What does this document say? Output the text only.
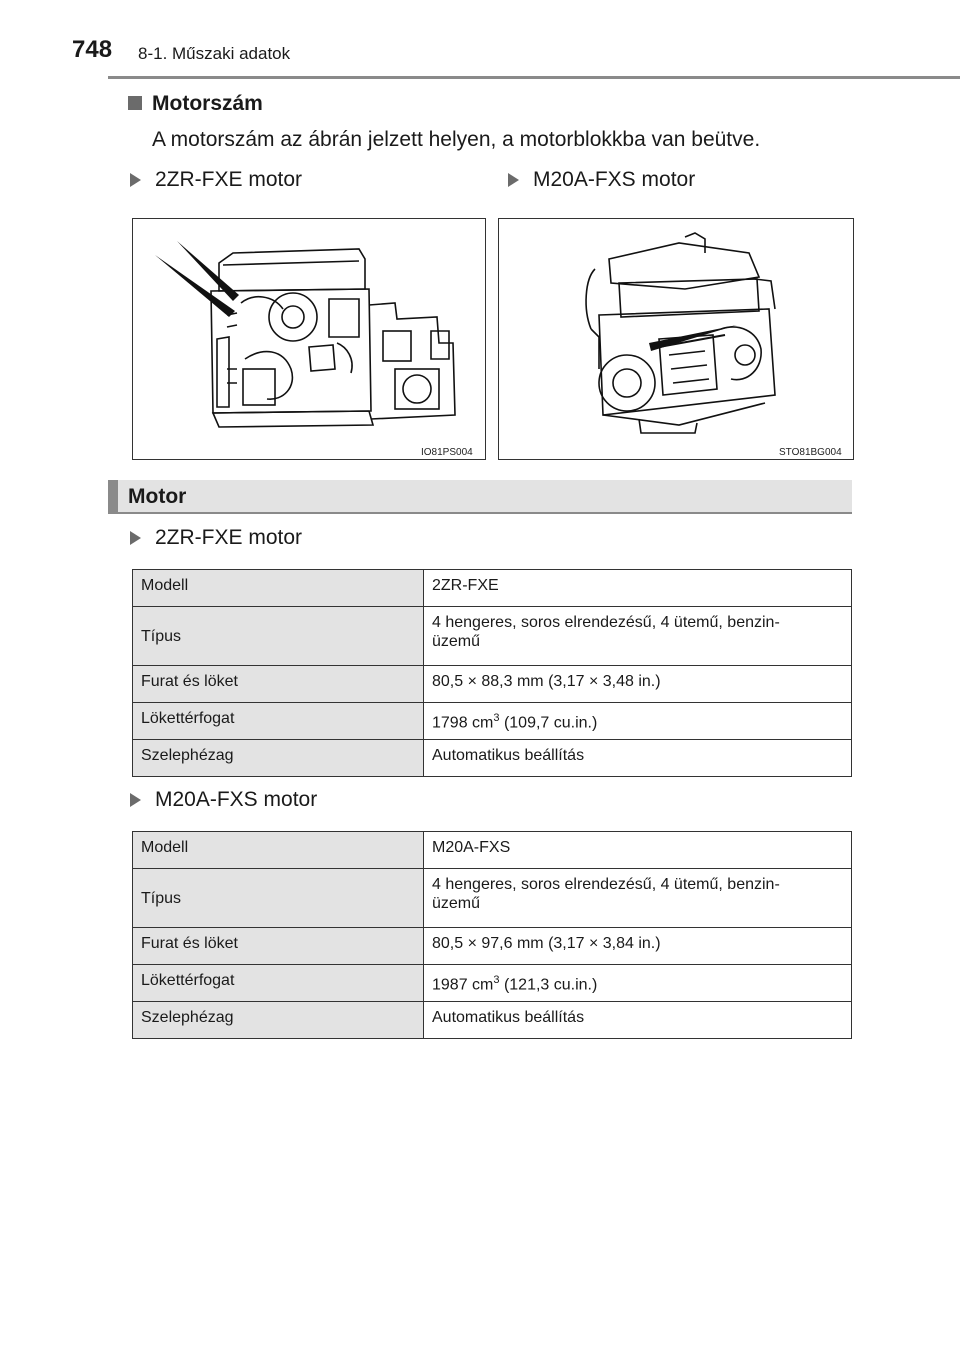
748 8-1. Műszaki adatok
Motorszám
A motorszám az ábrán jelzett helyen, a motorblokkba van beütve.
2ZR-FXE motor	M20A-FXS motor
IO81PS004	STO81BG004
Motor
2ZR-FXE motor
Modell	2ZR-FXE
Típus	4 hengeres, soros elrendezésű, 4 ütemű, benzin-
üzemű

Furat és löket	80,5 × 88,3 mm (3,17 × 3,48 in.)
Lökettérfogat	1798 $cm^3$ (109,7 cu.in.)
Szelephézag	Automatikus beállítás
M20A-FXS motor
Modell	M20A-FXS
Típus	4 hengeres, soros elrendezésű, 4 ütemű, benzin-
üzemű

Furat és löket	80,5 × 97,6 mm (3,17 × 3,84 in.)
Lökettérfogat	1987 $cm^3$ (121,3 cu.in.)
Szelephézag	Automatikus beállítás
